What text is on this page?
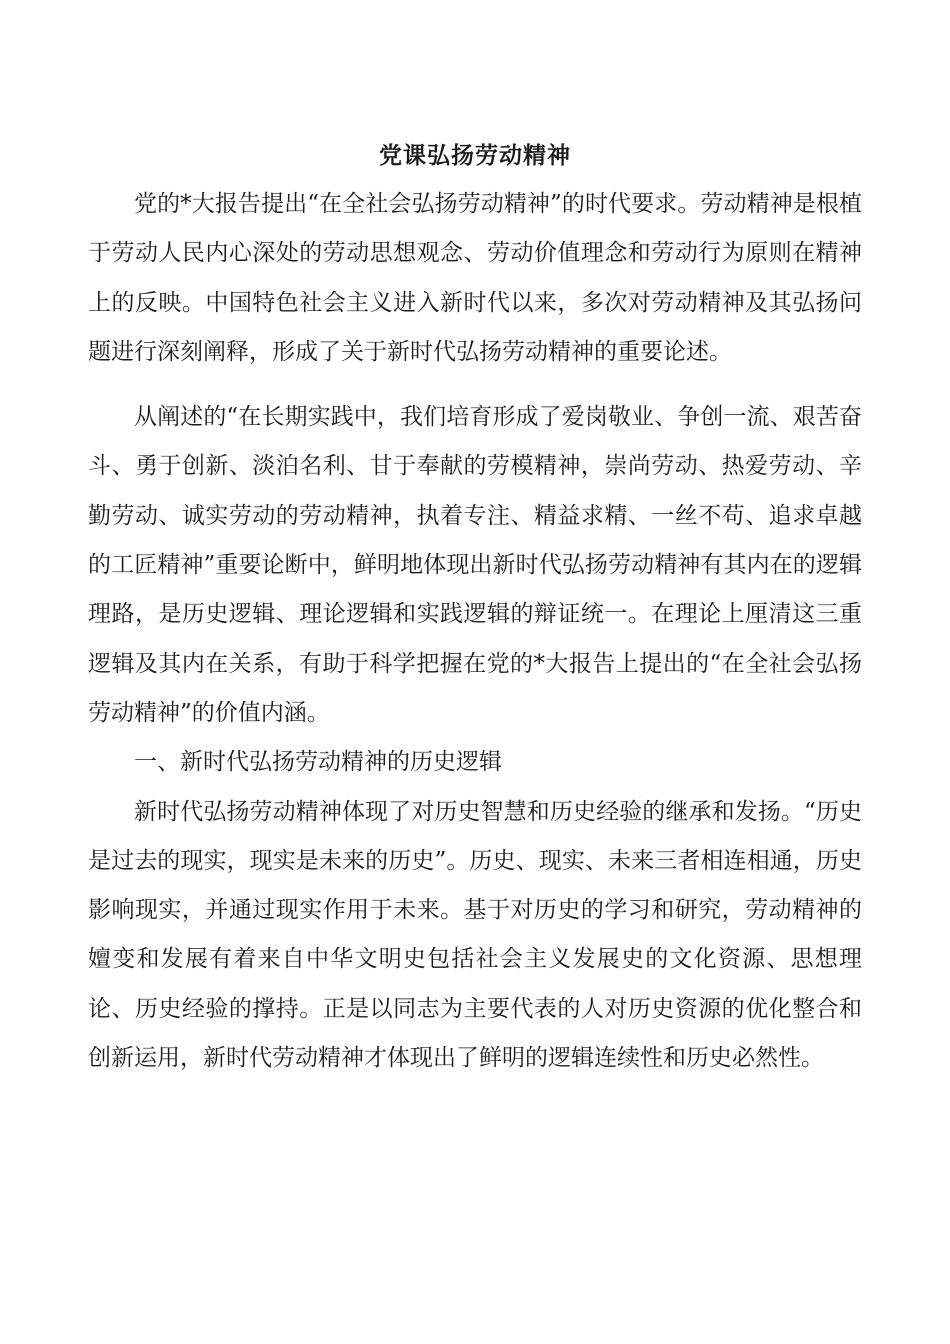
党课弘扬劳动精神

党的*大报告提出“在全社会弘扬劳动精神”的时代要求。劳动精神是根植于劳动人民内心深处的劳动思想观念、劳动价值理念和劳动行为原则在精神上的反映。中国特色社会主义进入新时代以来，多次对劳动精神及其弘扬问题进行深刻阐释，形成了关于新时代弘扬劳动精神的重要论述。

从阐述的“在长期实践中，我们培育形成了爱岗敬业、争创一流、艰苦奋斗、勇于创新、淡泊名利、甘于奉献的劳模精神，崇尚劳动、热爱劳动、辛勤劳动、诚实劳动的劳动精神，执着专注、精益求精、一丝不苟、追求卓越的工匠精神”重要论断中，鲜明地体现出新时代弘扬劳动精神有其内在的逻辑理路，是历史逻辑、理论逻辑和实践逻辑的辩证统一。在理论上厘清这三重逻辑及其内在关系，有助于科学把握在党的*大报告上提出的“在全社会弘扬劳动精神”的价值内涵。

一、新时代弘扬劳动精神的历史逻辑

新时代弘扬劳动精神体现了对历史智慧和历史经验的继承和发扬。“历史是过去的现实，现实是未来的历史”。历史、现实、未来三者相连相通，历史影响现实，并通过现实作用于未来。基于对历史的学习和研究，劳动精神的嬗变和发展有着来自中华文明史包括社会主义发展史的文化资源、思想理论、历史经验的撑持。正是以同志为主要代表的人对历史资源的优化整合和创新运用，新时代劳动精神才体现出了鲜明的逻辑连续性和历史必然性。
